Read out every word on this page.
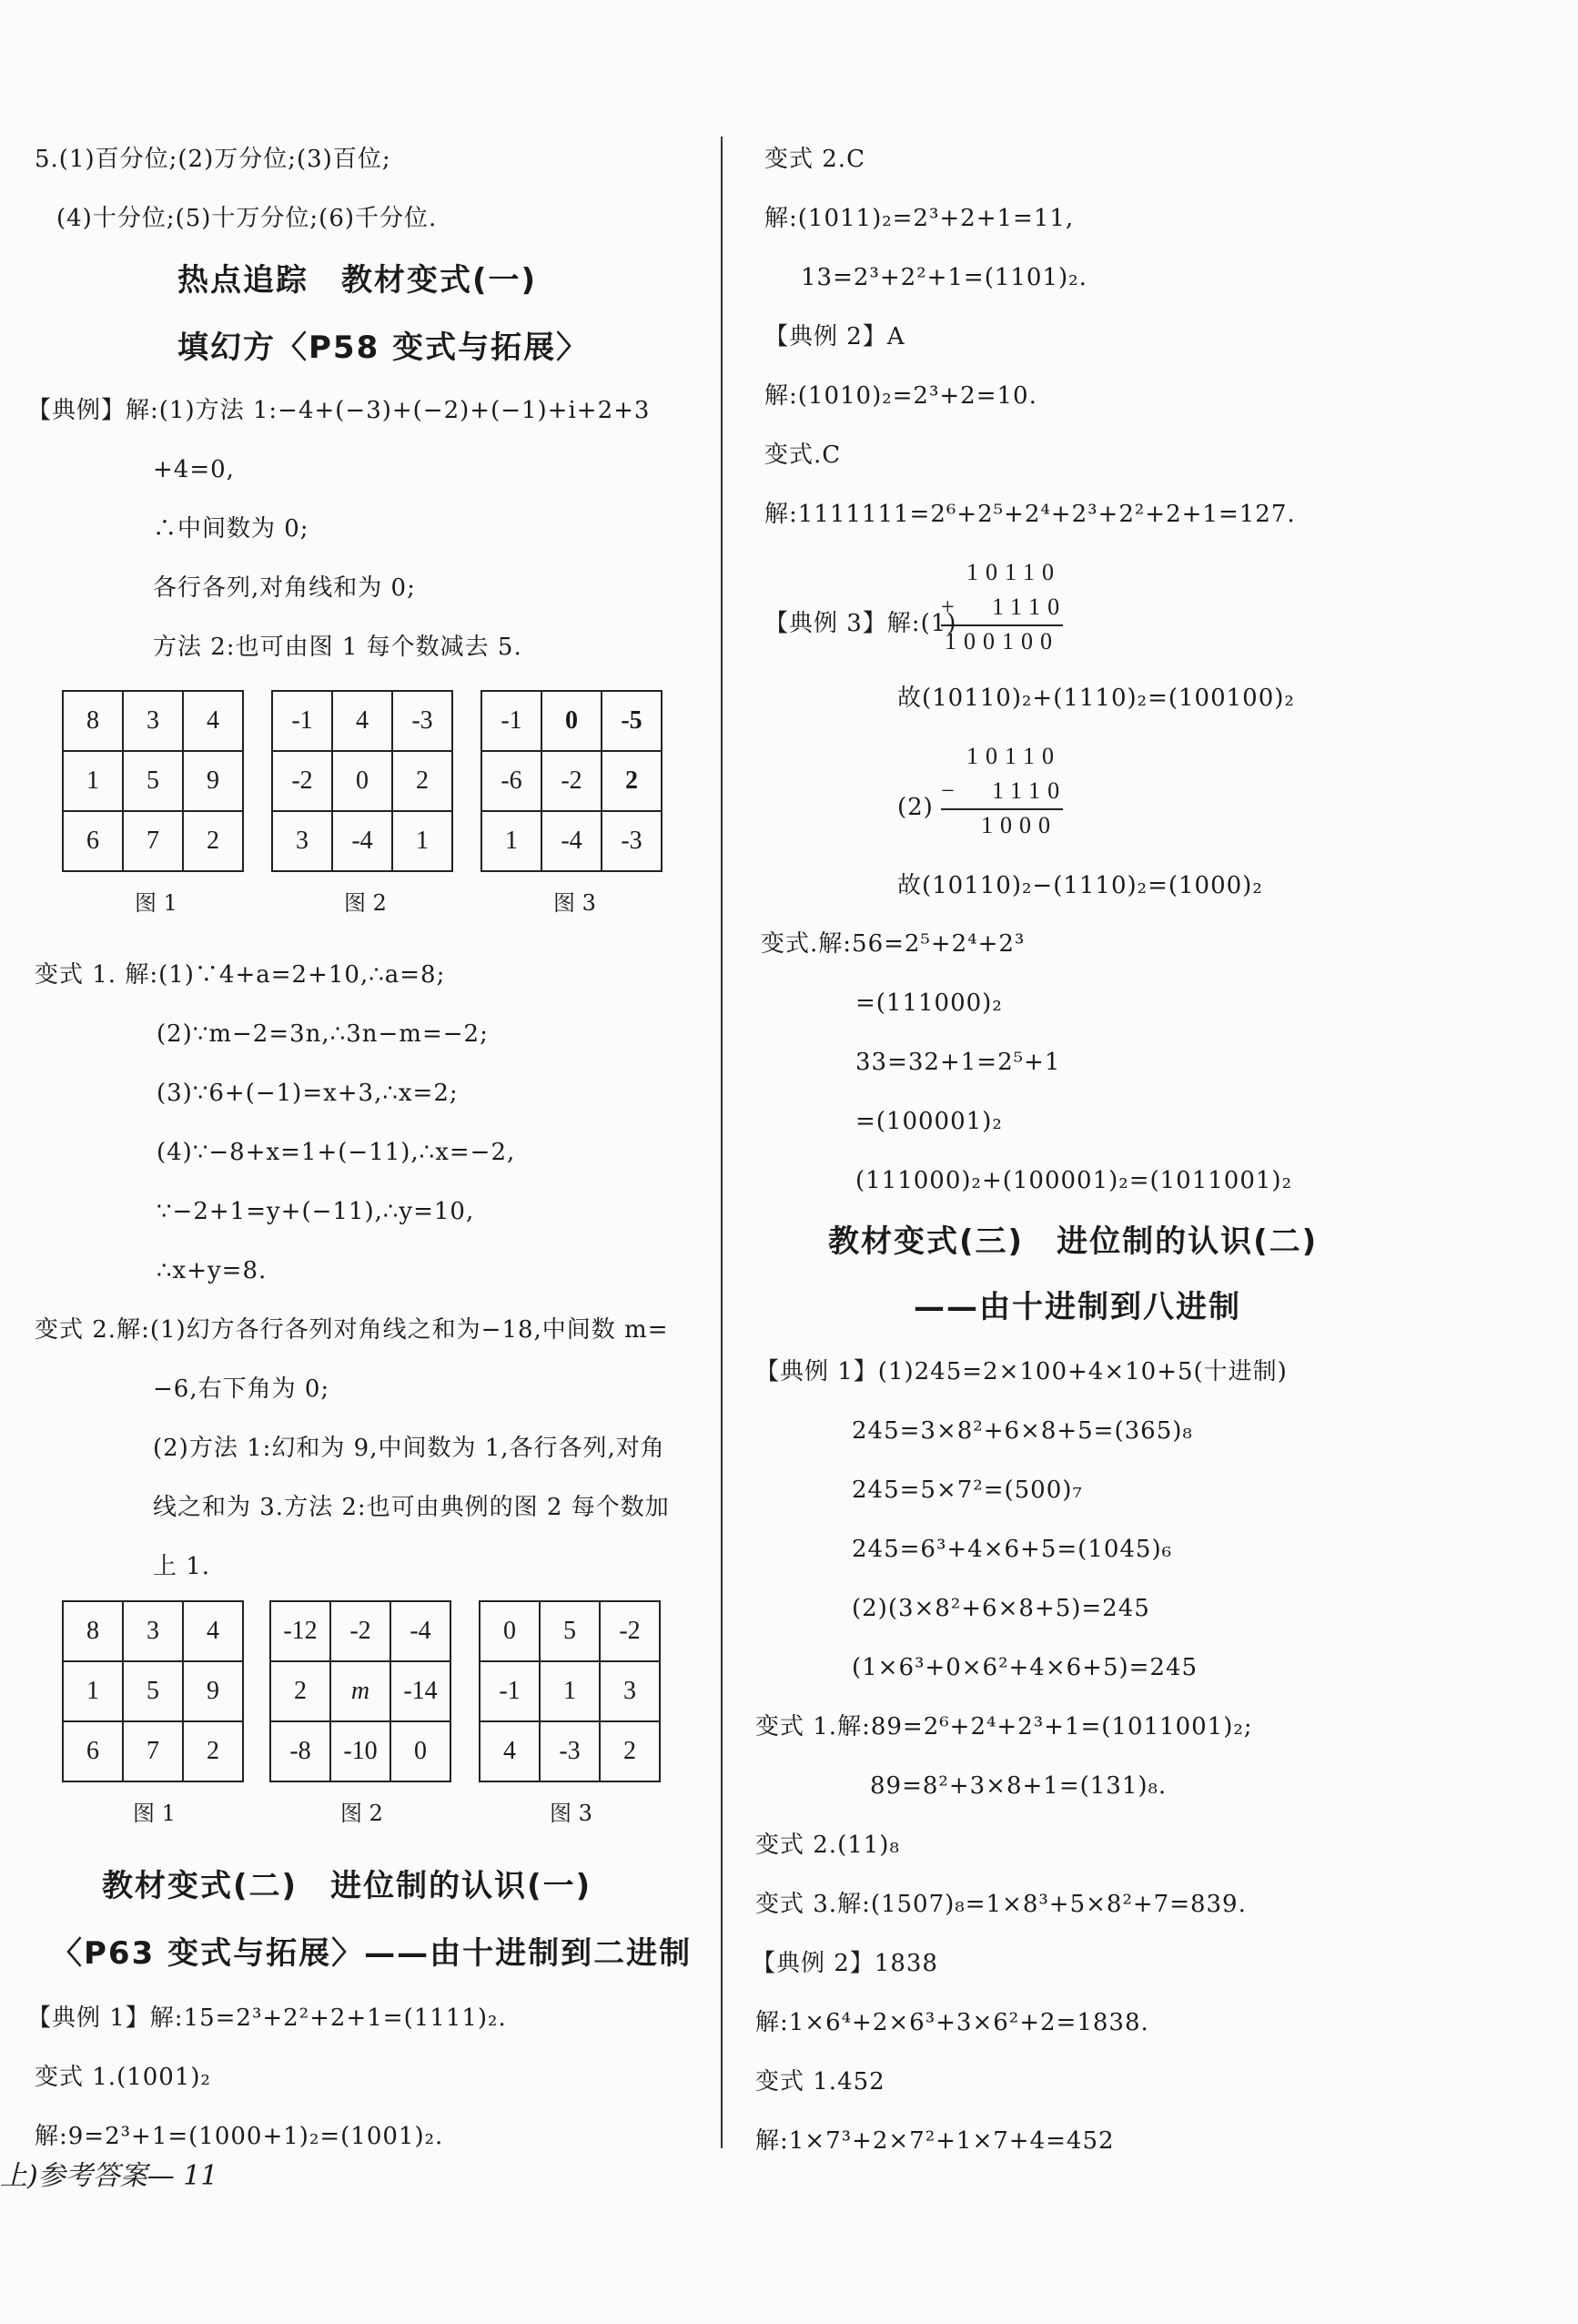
5.(1)百分位;(2)万分位;(3)百位;
(4)十分位;(5)十万分位;(6)千分位.
热点追踪　教材变式(一)
填幻方〈P58 变式与拓展〉
【典例】解:(1)方法 1:−4+(−3)+(−2)+(−1)+i+2+3
+4=0,
∴中间数为 0;
各行各列,对角线和为 0;
方法 2:也可由图 1 每个数减去 5.
8	3	4
1	5	9
6	7	2
图 1
-1	4	-3
-2	0	2
3	-4	1
图 2
-1	0	-5
-6	-2	2
1	-4	-3
图 3
变式 1. 解:(1)∵4+a=2+10,∴a=8;
(2)∵m−2=3n,∴3n−m=−2;
(3)∵6+(−1)=x+3,∴x=2;
(4)∵−8+x=1+(−11),∴x=−2,
∵−2+1=y+(−11),∴y=10,
∴x+y=8.
变式 2.解:(1)幻方各行各列对角线之和为−18,中间数 m=
−6,右下角为 0;
(2)方法 1:幻和为 9,中间数为 1,各行各列,对角
线之和为 3.方法 2:也可由典例的图 2 每个数加
上 1.
8	3	4
1	5	9
6	7	2
图 1
-12	-2	-4
2	m	-14
-8	-10	0
图 2
0	5	-2
-1	1	3
4	-3	2
图 3
教材变式(二)　进位制的认识(一)
〈P63 变式与拓展〉——由十进制到二进制
【典例 1】解:15=2³+2²+2+1=(1111)₂.
变式 1.(1001)₂
解:9=2³+1=(1000+1)₂=(1001)₂.
上)参考答案— 11
变式 2.C
解:(1011)₂=2³+2+1=11,
13=2³+2²+1=(1101)₂.
【典例 2】A
解:(1010)₂=2³+2=10.
变式.C
解:1111111=2⁶+2⁵+2⁴+2³+2²+2+1=127.
10110
+ 1110
100100
【典例 3】解:(1)
故(10110)₂+(1110)₂=(100100)₂
10110
− 1110
1000
(2)
故(10110)₂−(1110)₂=(1000)₂
变式.解:56=2⁵+2⁴+2³
=(111000)₂
33=32+1=2⁵+1
=(100001)₂
(111000)₂+(100001)₂=(1011001)₂
教材变式(三)　进位制的认识(二)
——由十进制到八进制
【典例 1】(1)245=2×100+4×10+5(十进制)
245=3×8²+6×8+5=(365)₈
245=5×7²=(500)₇
245=6³+4×6+5=(1045)₆
(2)(3×8²+6×8+5)=245
(1×6³+0×6²+4×6+5)=245
变式 1.解:89=2⁶+2⁴+2³+1=(1011001)₂;
89=8²+3×8+1=(131)₈.
变式 2.(11)₈
变式 3.解:(1507)₈=1×8³+5×8²+7=839.
【典例 2】1838
解:1×6⁴+2×6³+3×6²+2=1838.
变式 1.452
解:1×7³+2×7²+1×7+4=452
